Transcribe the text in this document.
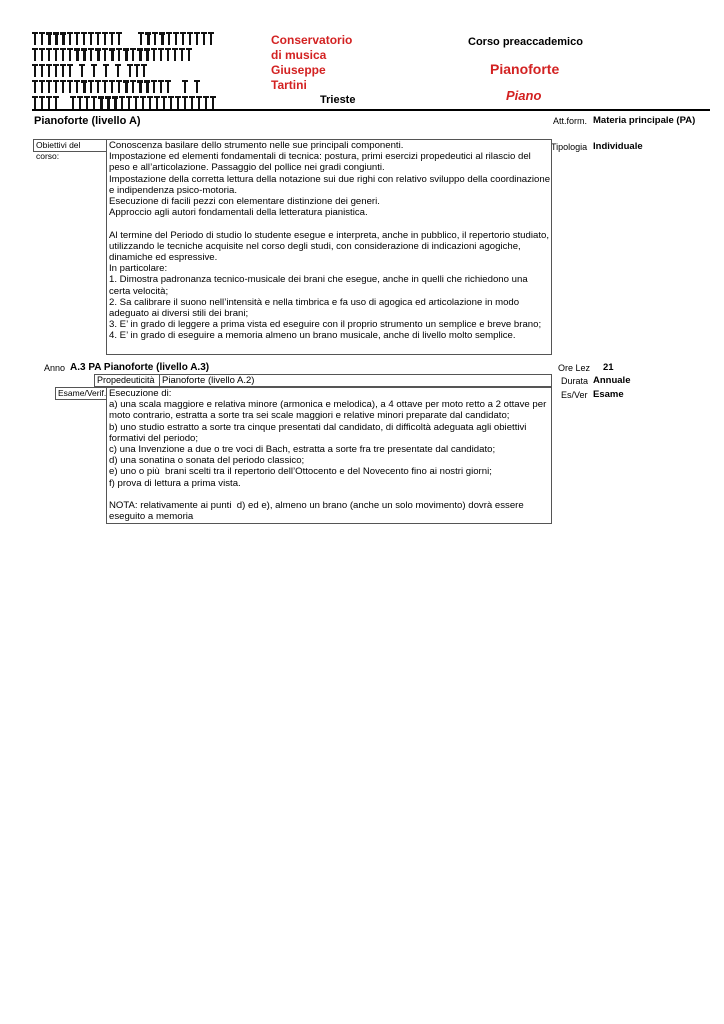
Conservatorio
di musica
Giuseppe
Tartini
Trieste
Corso preaccademico
Pianoforte
Piano
Pianoforte (livello A)	Att.form. Materia principale (PA)
Tipologia Individuale
Obiettivi del corso:

Conoscenza basilare dello strumento nelle sue principali componenti.
Impostazione ed elementi fondamentali di tecnica: postura, primi esercizi propedeutici al rilascio del peso e all’articolazione. Passaggio del pollice nei gradi congiunti.
Impostazione della corretta lettura della notazione sui due righi con relativo sviluppo della coordinazione e indipendenza psico-motoria.
Esecuzione di facili pezzi con elementare distinzione dei generi.
Approccio agli autori fondamentali della letteratura pianistica.

Al termine del Periodo di studio lo studente esegue e interpreta, anche in pubblico, il repertorio studiato, utilizzando le tecniche acquisite nel corso degli studi, con considerazione di indicazioni agogiche, dinamiche ed espressive.
In particolare:
1. Dimostra padronanza tecnico-musicale dei brani che esegue, anche in quelli che richiedono una certa velocità;
2. Sa calibrare il suono nell’intensità e nella timbrica e fa uso di agogica ed articolazione in modo adeguato ai diversi stili dei brani;
3. E’ in grado di leggere a prima vista ed eseguire con il proprio strumento un semplice e breve brano;
4. E’ in grado di eseguire a memoria almeno un brano musicale, anche di livello molto semplice.

Anno A.3 PA Pianoforte (livello A.3)	Ore Lez 21
Durata Annuale
Es/Ver Esame
Propedeuticità Pianoforte (livello A.2)
Esame/Verif. Esecuzione di:
a) una scala maggiore e relativa minore (armonica e melodica), a 4 ottave per moto retto a 2 ottave per moto contrario, estratta a sorte tra sei scale maggiori e relative minori preparate dal candidato;
b) uno studio estratto a sorte tra cinque presentati dal candidato, di difficoltà adeguata agli obiettivi formativi del periodo;
c) una Invenzione a due o tre voci di Bach, estratta a sorte fra tre presentate dal candidato;
d) una sonatina o sonata del periodo classico;
e) uno o più  brani scelti tra il repertorio dell’Ottocento e del Novecento fino ai nostri giorni;
f) prova di lettura a prima vista.

NOTA: relativamente ai punti  d) ed e), almeno un brano (anche un solo movimento) dovrà essere eseguito a memoria
